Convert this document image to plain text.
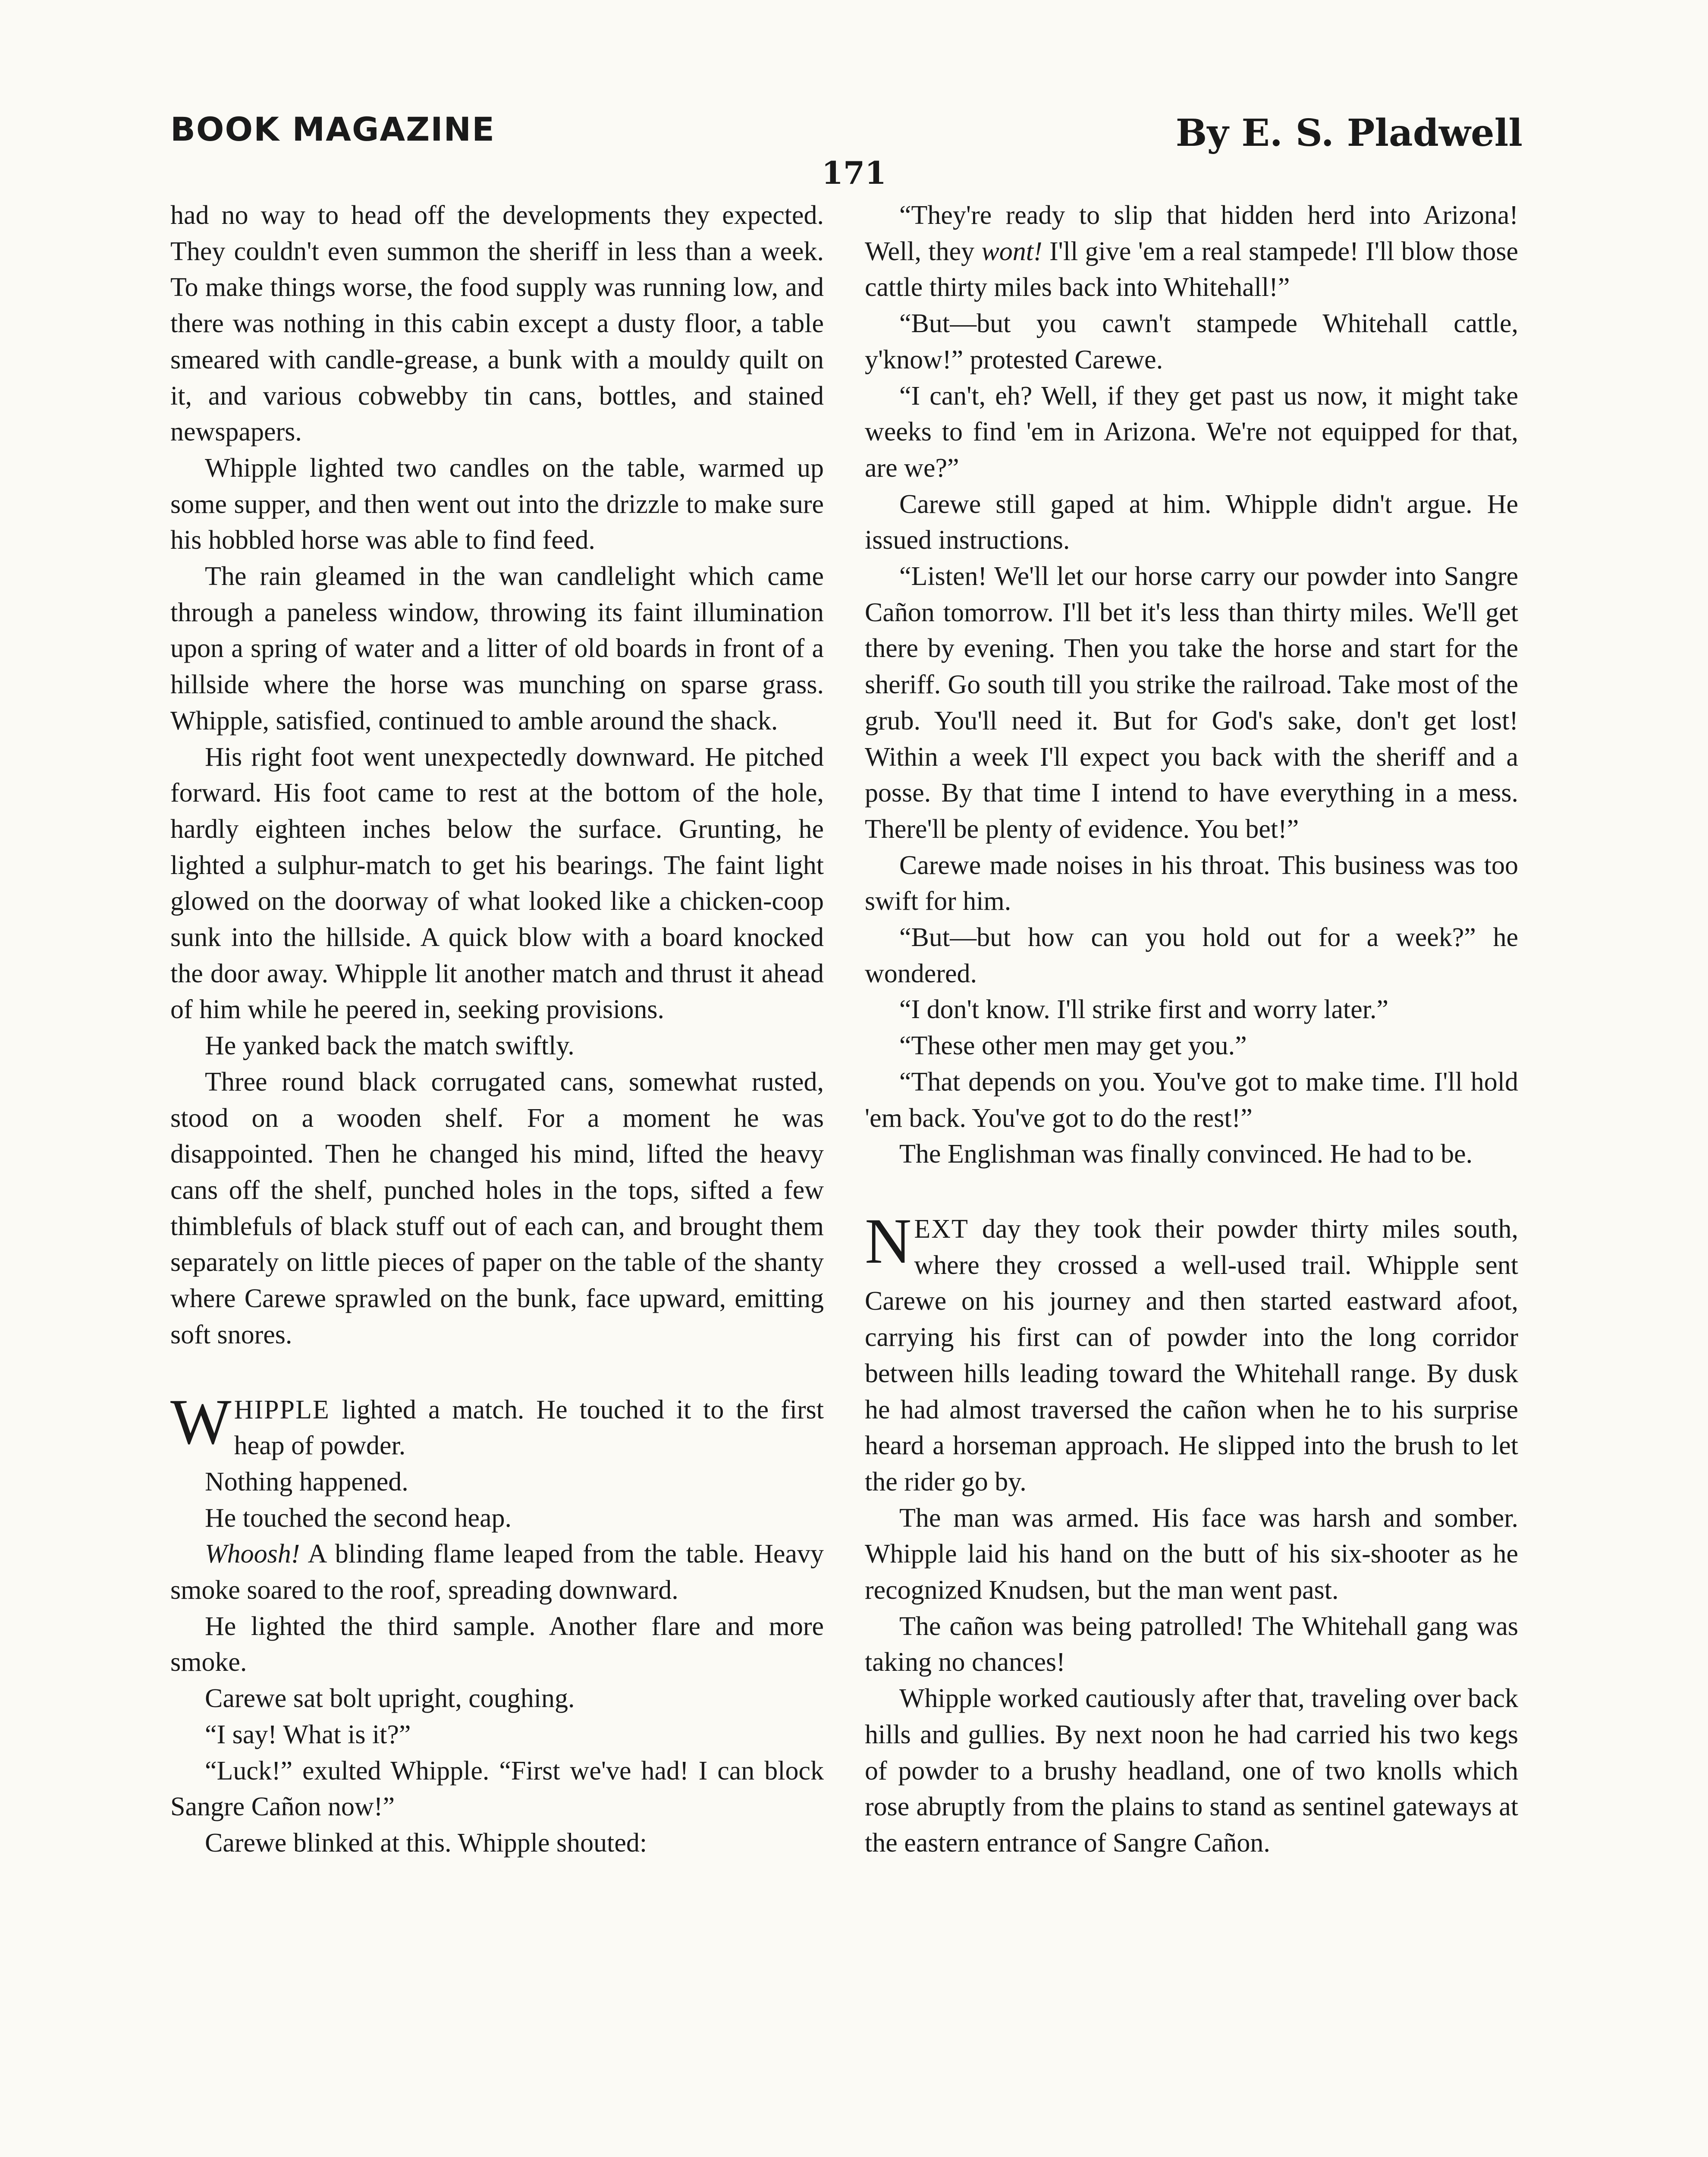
BOOK MAGAZINE	By E. S. Pladwell
171

had no way to head off the developments they expected. They couldn't even summon the sheriff in less than a week. To make things worse, the food supply was running low, and there was nothing in this cabin except a dusty floor, a table smeared with candle-grease, a bunk with a mouldy quilt on it, and various cobwebby tin cans, bottles, and stained newspapers.

Whipple lighted two candles on the table, warmed up some supper, and then went out into the drizzle to make sure his hobbled horse was able to find feed.

The rain gleamed in the wan candlelight which came through a paneless window, throwing its faint illumination upon a spring of water and a litter of old boards in front of a hillside where the horse was munching on sparse grass. Whipple, satisfied, continued to amble around the shack.

His right foot went unexpectedly downward. He pitched forward. His foot came to rest at the bottom of the hole, hardly eighteen inches below the surface. Grunting, he lighted a sulphur-match to get his bearings. The faint light glowed on the doorway of what looked like a chicken-coop sunk into the hillside. A quick blow with a board knocked the door away. Whipple lit another match and thrust it ahead of him while he peered in, seeking provisions.

He yanked back the match swiftly.

Three round black corrugated cans, somewhat rusted, stood on a wooden shelf. For a moment he was disappointed. Then he changed his mind, lifted the heavy cans off the shelf, punched holes in the tops, sifted a few thimblefuls of black stuff out of each can, and brought them separately on little pieces of paper on the table of the shanty where Carewe sprawled on the bunk, face upward, emitting soft snores.

WHIPPLE lighted a match. He touched it to the first heap of powder.

Nothing happened.

He touched the second heap.

Whoosh! A blinding flame leaped from the table. Heavy smoke soared to the roof, spreading downward.

He lighted the third sample. Another flare and more smoke.

Carewe sat bolt upright, coughing.

“I say! What is it?”

“Luck!” exulted Whipple. “First we've had! I can block Sangre Cañon now!”

Carewe blinked at this. Whipple shouted:

“They're ready to slip that hidden herd into Arizona! Well, they wont! I'll give 'em a real stampede! I'll blow those cattle thirty miles back into Whitehall!”

“But—but you cawn't stampede Whitehall cattle, y'know!” protested Carewe.

“I can't, eh? Well, if they get past us now, it might take weeks to find 'em in Arizona. We're not equipped for that, are we?”

Carewe still gaped at him. Whipple didn't argue. He issued instructions.

“Listen! We'll let our horse carry our powder into Sangre Cañon tomorrow. I'll bet it's less than thirty miles. We'll get there by evening. Then you take the horse and start for the sheriff. Go south till you strike the railroad. Take most of the grub. You'll need it. But for God's sake, don't get lost! Within a week I'll expect you back with the sheriff and a posse. By that time I intend to have everything in a mess. There'll be plenty of evidence. You bet!”

Carewe made noises in his throat. This business was too swift for him.

“But—but how can you hold out for a week?” he wondered.

“I don't know. I'll strike first and worry later.”

“These other men may get you.”

“That depends on you. You've got to make time. I'll hold 'em back. You've got to do the rest!”

The Englishman was finally convinced. He had to be.

NEXT day they took their powder thirty miles south, where they crossed a well-used trail. Whipple sent Carewe on his journey and then started eastward afoot, carrying his first can of powder into the long corridor between hills leading toward the Whitehall range. By dusk he had almost traversed the cañon when he to his surprise heard a horseman approach. He slipped into the brush to let the rider go by.

The man was armed. His face was harsh and somber. Whipple laid his hand on the butt of his six-shooter as he recognized Knudsen, but the man went past.

The cañon was being patrolled! The Whitehall gang was taking no chances!

Whipple worked cautiously after that, traveling over back hills and gullies. By next noon he had carried his two kegs of powder to a brushy headland, one of two knolls which rose abruptly from the plains to stand as sentinel gateways at the eastern entrance of Sangre Cañon.
